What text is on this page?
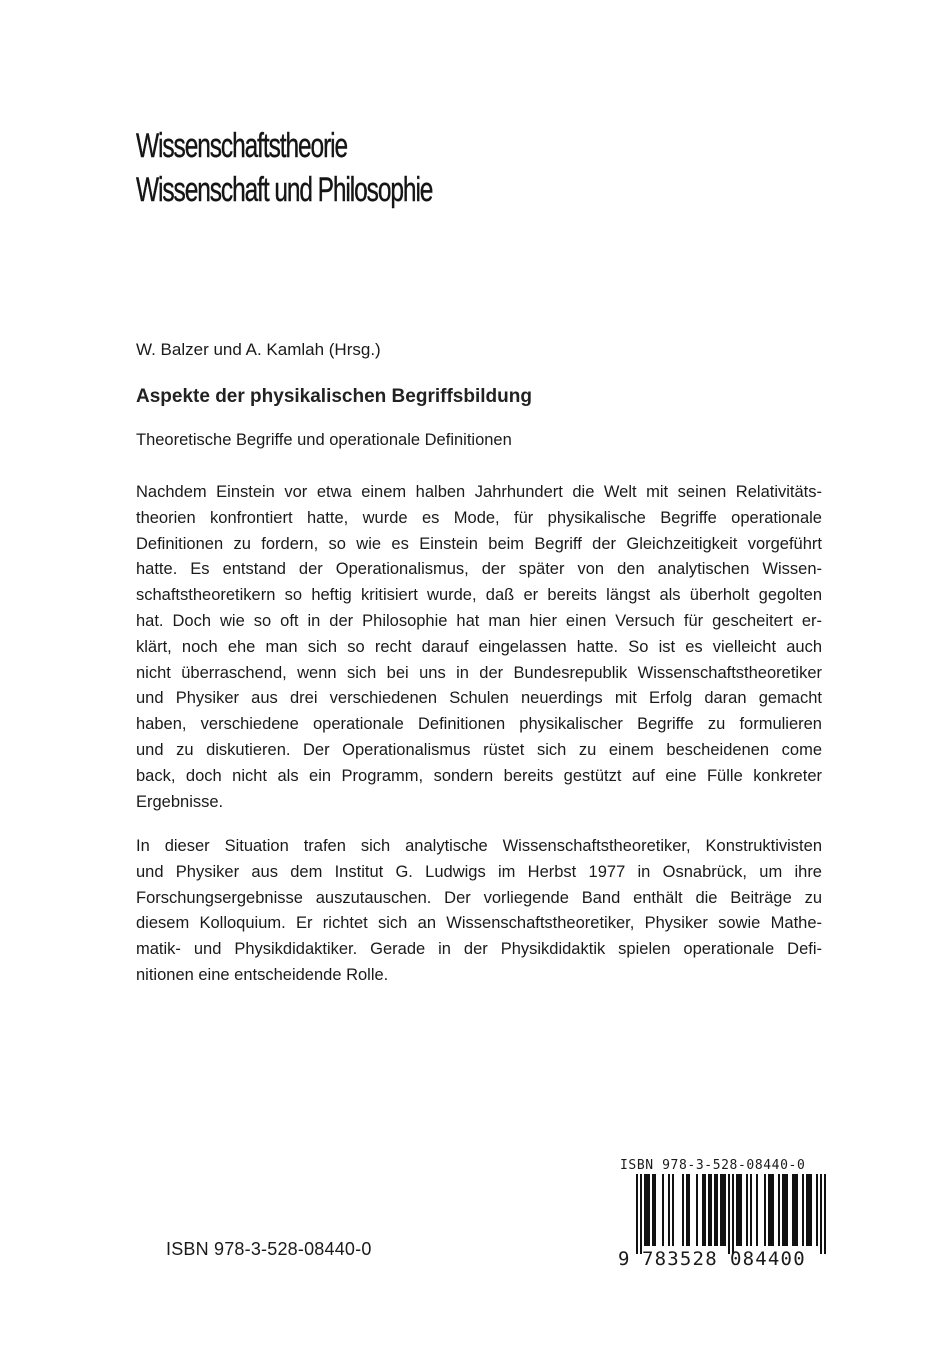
Wissenschaftstheorie
Wissenschaft und Philosophie
W. Balzer und A. Kamlah (Hrsg.)
Aspekte der physikalischen Begriffsbildung
Theoretische Begriffe und operationale Definitionen
Nachdem Einstein vor etwa einem halben Jahrhundert die Welt mit seinen Relativitäts-
theorien konfrontiert hatte, wurde es Mode, für physikalische Begriffe operationale
Definitionen zu fordern, so wie es Einstein beim Begriff der Gleichzeitigkeit vorgeführt
hatte. Es entstand der Operationalismus, der später von den analytischen Wissen-
schaftstheoretikern so heftig kritisiert wurde, daß er bereits längst als überholt gegolten
hat. Doch wie so oft in der Philosophie hat man hier einen Versuch für gescheitert er-
klärt, noch ehe man sich so recht darauf eingelassen hatte. So ist es vielleicht auch
nicht überraschend, wenn sich bei uns in der Bundesrepublik Wissenschaftstheoretiker
und Physiker aus drei verschiedenen Schulen neuerdings mit Erfolg daran gemacht
haben, verschiedene operationale Definitionen physikalischer Begriffe zu formulieren
und zu diskutieren. Der Operationalismus rüstet sich zu einem bescheidenen come
back, doch nicht als ein Programm, sondern bereits gestützt auf eine Fülle konkreter
Ergebnisse.
In dieser Situation trafen sich analytische Wissenschaftstheoretiker, Konstruktivisten
und Physiker aus dem Institut G. Ludwigs im Herbst 1977 in Osnabrück, um ihre
Forschungsergebnisse auszutauschen. Der vorliegende Band enthält die Beiträge zu
diesem Kolloquium. Er richtet sich an Wissenschaftstheoretiker, Physiker sowie Mathe-
matik- und Physikdidaktiker. Gerade in der Physikdidaktik spielen operationale Defi-
nitionen eine entscheidende Rolle.
ISBN 978-3-528-08440-0
ISBN 978-3-528-08440-0
9 783528 084400
